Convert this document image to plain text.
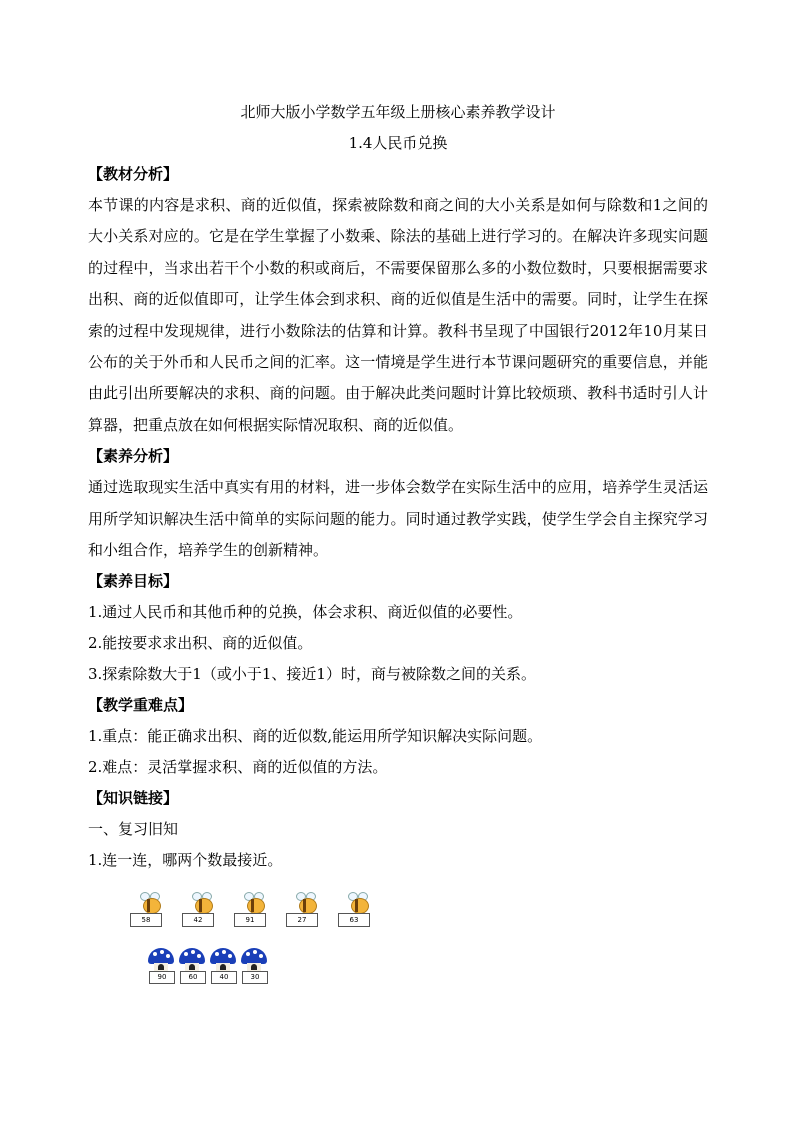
北师大版小学数学五年级上册核心素养教学设计
1.4人民币兑换
【教材分析】

本节课的内容是求积、商的近似值，探索被除数和商之间的大小关系是如何与除数和1之间的大小关系对应的。它是在学生掌握了小数乘、除法的基础上进行学习的。在解决许多现实问题的过程中，当求出若干个小数的积或商后，不需要保留那么多的小数位数时，只要根据需要求出积、商的近似值即可，让学生体会到求积、商的近似值是生活中的需要。同时，让学生在探索的过程中发现规律，进行小数除法的估算和计算。教科书呈现了中国银行2012年10月某日公布的关于外币和人民币之间的汇率。这一情境是学生进行本节课问题研究的重要信息，并能由此引出所要解决的求积、商的问题。由于解决此类问题时计算比较烦琐、教科书适时引人计算器，把重点放在如何根据实际情况取积、商的近似值。

【素养分析】

通过选取现实生活中真实有用的材料，进一步体会数学在实际生活中的应用，培养学生灵活运用所学知识解决生活中简单的实际问题的能力。同时通过教学实践，使学生学会自主探究学习和小组合作，培养学生的创新精神。

【素养目标】
1.通过人民币和其他币种的兑换，体会求积、商近似值的必要性。
2.能按要求求出积、商的近似值。
3.探索除数大于1（或小于1、接近1）时，商与被除数之间的关系。
【教学重难点】
1.重点：能正确求出积、商的近似数,能运用所学知识解决实际问题。
2.难点：灵活掌握求积、商的近似值的方法。
【知识链接】
一、复习旧知
1.连一连，哪两个数最接近。
58	42	91	27	63
90	60	40	30
